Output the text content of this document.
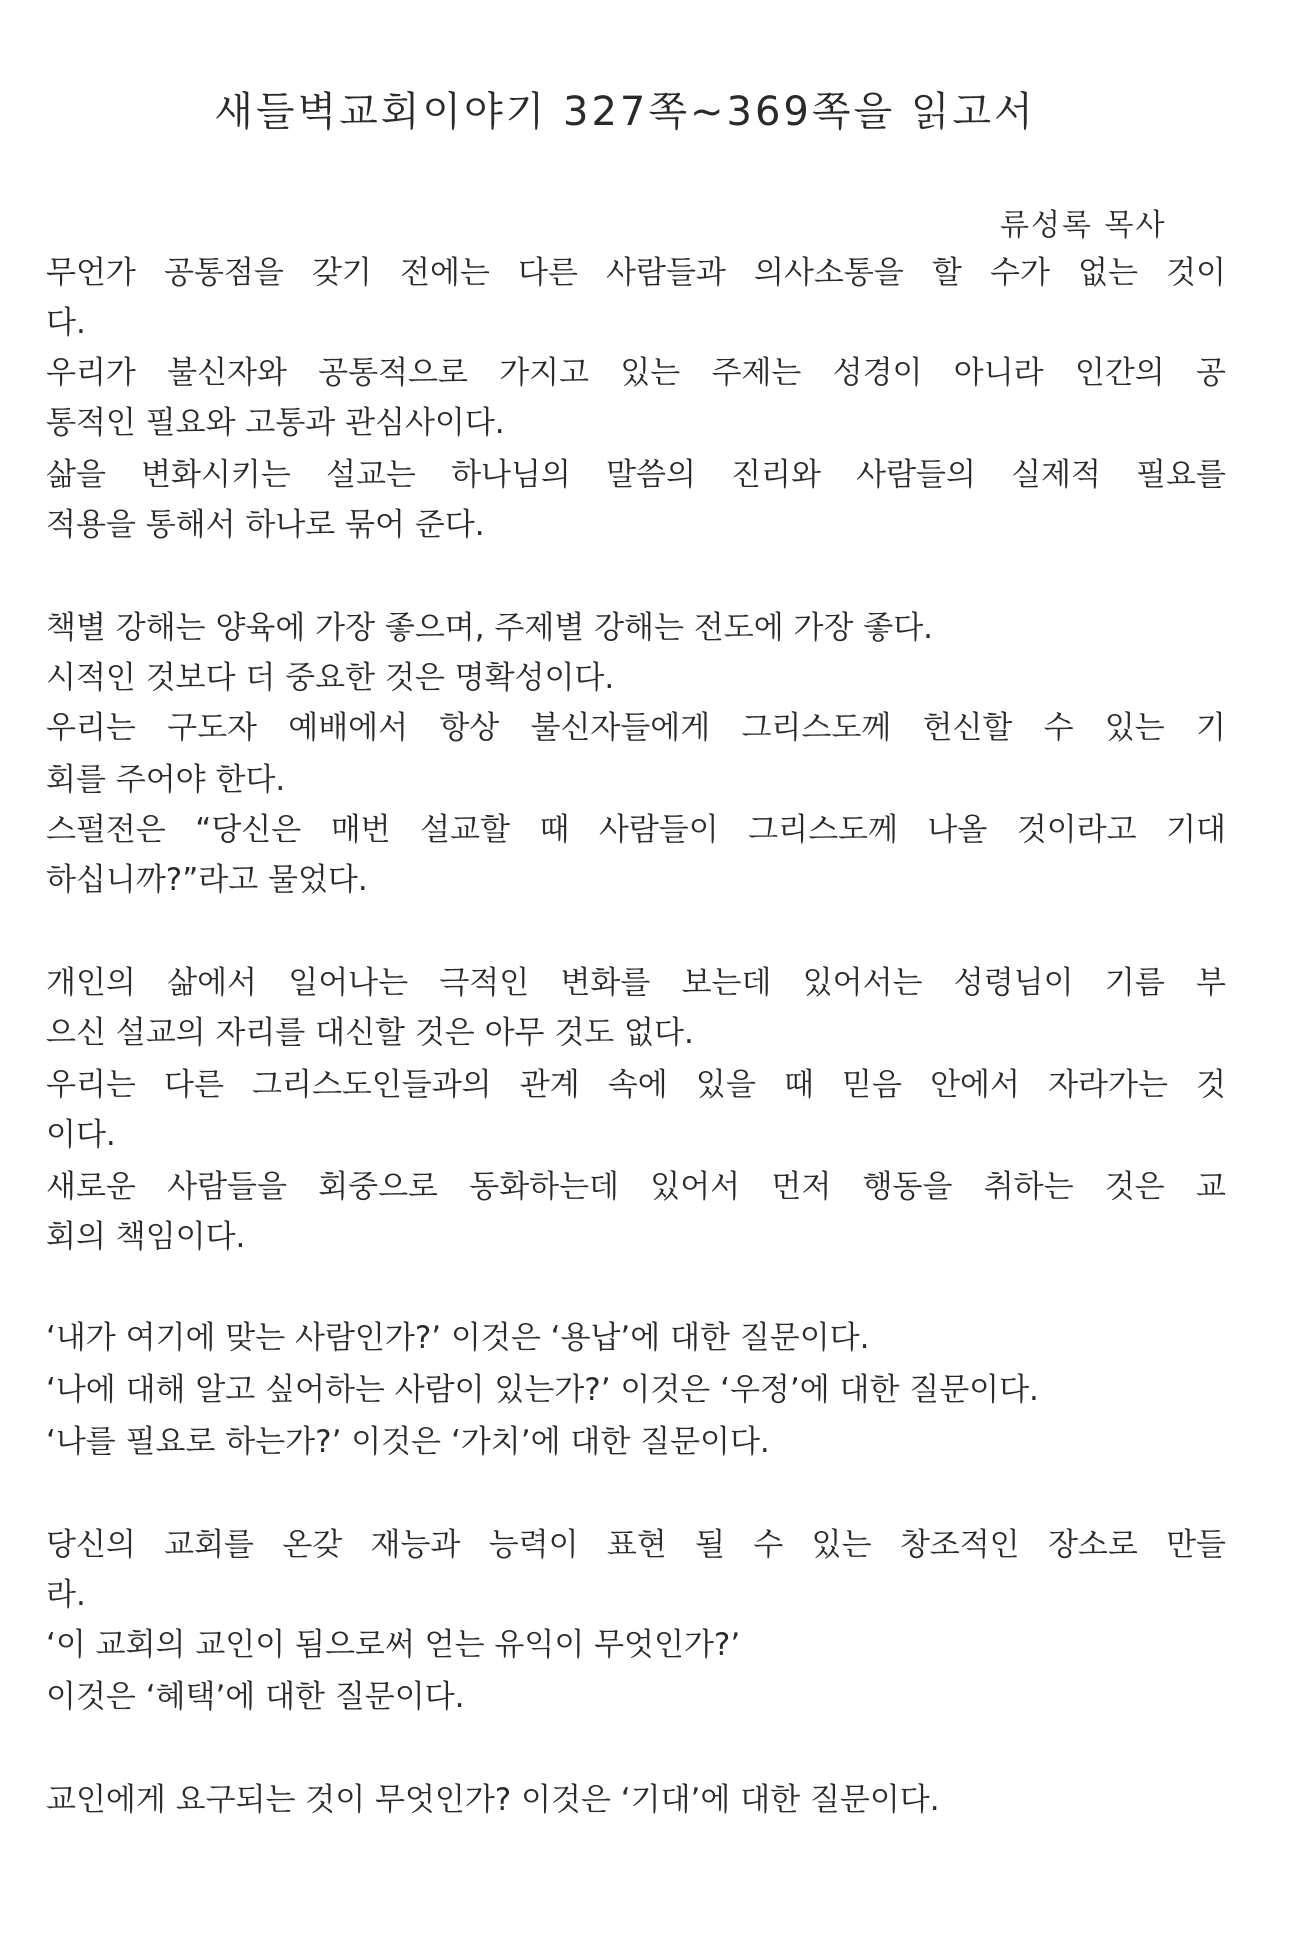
새들벽교회이야기 327쪽~369쪽을 읽고서

류성록 목사

무언가 공통점을 갖기 전에는 다른 사람들과 의사소통을 할 수가 없는 것이

다.

우리가 불신자와 공통적으로 가지고 있는 주제는 성경이 아니라 인간의 공

통적인 필요와 고통과 관심사이다.

삶을 변화시키는 설교는 하나님의 말씀의 진리와 사람들의 실제적 필요를

적용을 통해서 하나로 묶어 준다.

책별 강해는 양육에 가장 좋으며, 주제별 강해는 전도에 가장 좋다.

시적인 것보다 더 중요한 것은 명확성이다.

우리는 구도자 예배에서 항상 불신자들에게 그리스도께 헌신할 수 있는 기

회를 주어야 한다.

스펄전은 “당신은 매번 설교할 때 사람들이 그리스도께 나올 것이라고 기대

하십니까?”라고 물었다.

개인의 삶에서 일어나는 극적인 변화를 보는데 있어서는 성령님이 기름 부

으신 설교의 자리를 대신할 것은 아무 것도 없다.

우리는 다른 그리스도인들과의 관계 속에 있을 때 믿음 안에서 자라가는 것

이다.

새로운 사람들을 회중으로 동화하는데 있어서 먼저 행동을 취하는 것은 교

회의 책임이다.

‘내가 여기에 맞는 사람인가?’ 이것은 ‘용납’에 대한 질문이다.

‘나에 대해 알고 싶어하는 사람이 있는가?’ 이것은 ‘우정’에 대한 질문이다.

‘나를 필요로 하는가?’ 이것은 ‘가치’에 대한 질문이다.

당신의 교회를 온갖 재능과 능력이 표현 될 수 있는 창조적인 장소로 만들

라.

‘이 교회의 교인이 됨으로써 얻는 유익이 무엇인가?’

이것은 ‘혜택’에 대한 질문이다.

교인에게 요구되는 것이 무엇인가? 이것은 ‘기대’에 대한 질문이다.
